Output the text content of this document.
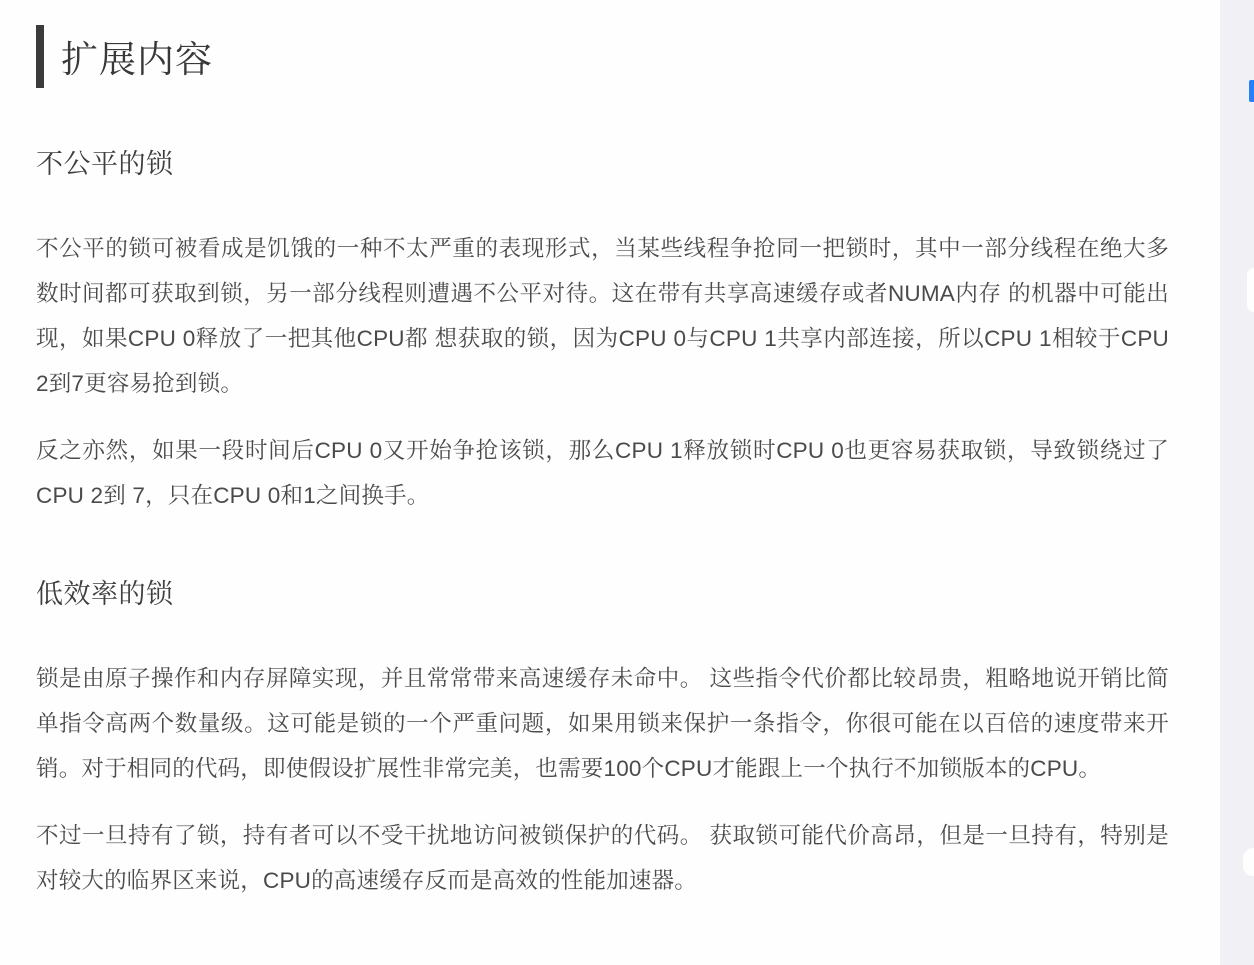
扩展内容
不公平的锁

不公平的锁可被看成是饥饿的一种不太严重的表现形式，当某些线程争抢同一把锁时，其中一部分线程在绝大多数时间都可获取到锁，另一部分线程则遭遇不公平对待。这在带有共享高速缓存或者NUMA内存 的机器中可能出现，如果CPU 0释放了一把其他CPU都 想获取的锁，因为CPU 0与CPU 1共享内部连接，所以CPU 1相较于CPU 2到7更容易抢到锁。

反之亦然，如果一段时间后CPU 0又开始争抢该锁，那么CPU 1释放锁时CPU 0也更容易获取锁，导致锁绕过了CPU 2到 7，只在CPU 0和1之间换手。

低效率的锁

锁是由原子操作和内存屏障实现，并且常常带来高速缓存未命中。 这些指令代价都比较昂贵，粗略地说开销比简单指令高两个数量级。这可能是锁的一个严重问题，如果用锁来保护一条指令，你很可能在以百倍的速度带来开销。对于相同的代码，即使假设扩展性非常完美，也需要100个CPU才能跟上一个执行不加锁版本的CPU。

不过一旦持有了锁，持有者可以不受干扰地访问被锁保护的代码。 获取锁可能代价高昂，但是一旦持有，特别是对较大的临界区来说，CPU的高速缓存反而是高效的性能加速器。
